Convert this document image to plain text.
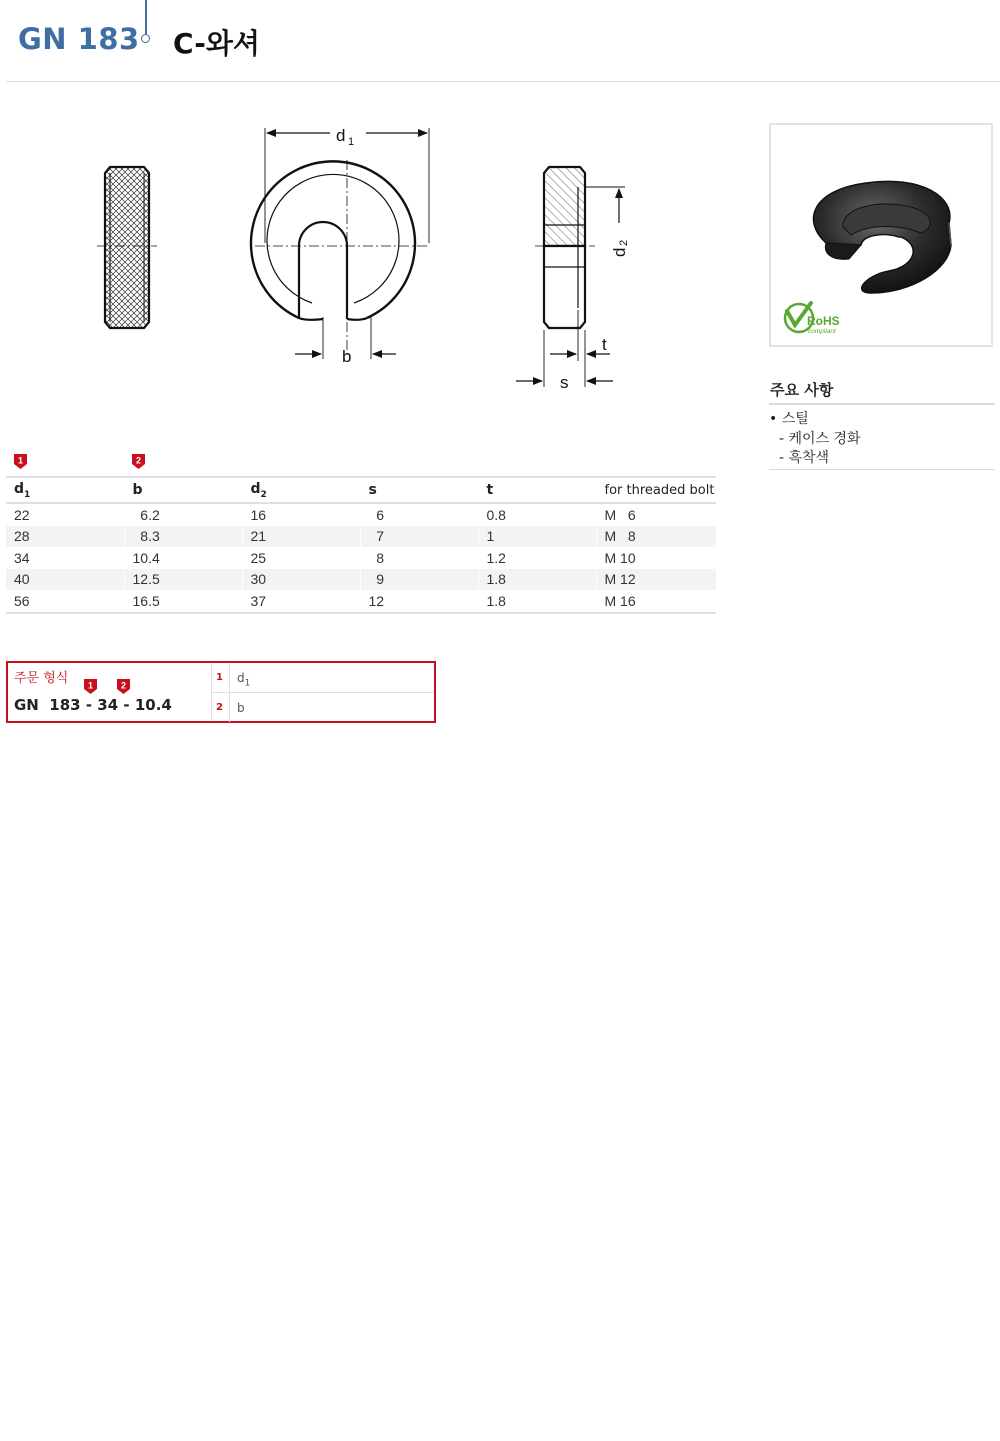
GN 183 C-와셔
d 1
b
d
2
t
s
RoHS
compliant
주요 사항
• 스틸
- 케이스 경화
- 흑착색
1	2
$d_1$	b	$d_2$	s	t	for threaded bolt
22	6.2	16	6	0.8	M   6
28	8.3	21	7	1	M   8
34	10.4	25	8	1.2	M 10
40	12.5	30	9	1.8	M 12
56	16.5	37	12	1.8	M 16
주문 형식 1	2
GN  183 - 34 - 10.4
1 $d_1$
2 b
